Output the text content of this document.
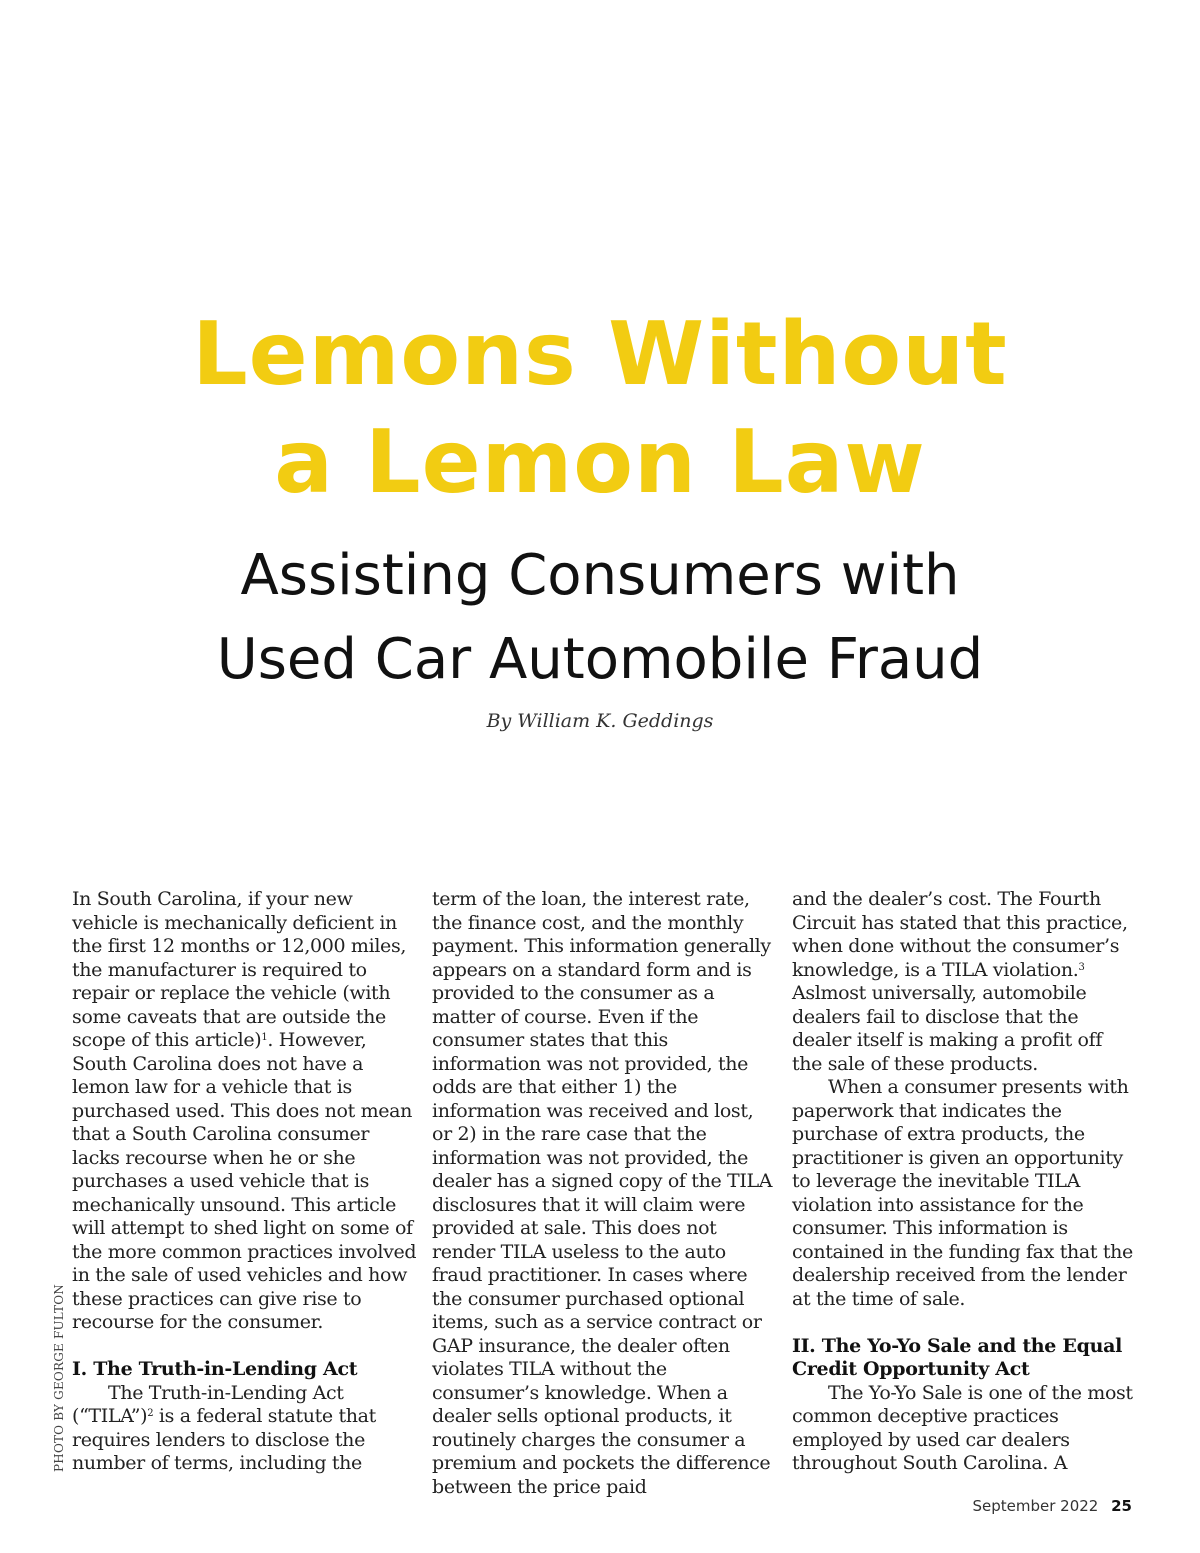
Lemons Without
a Lemon Law
Assisting Consumers with
Used Car Automobile Fraud
By William K. Geddings

In South Carolina, if your new vehicle is mechanically deficient in the first 12 months or 12,000 miles, the manufacturer is required to repair or replace the vehicle (with some caveats that are outside the scope of this article)$^1$. However, South Carolina does not have a lemon law for a vehicle that is purchased used. This does not mean that a South Carolina consumer lacks recourse when he or she purchases a used vehicle that is mechanically unsound. This article will attempt to shed light on some of the more common practices involved in the sale of used vehicles and how these practices can give rise to recourse for the consumer.

I. The Truth-in-Lending Act

The Truth-in-Lending Act (“TILA”)$^2$ is a federal statute that requires lenders to disclose the number of terms, including the

term of the loan, the interest rate, the finance cost, and the monthly payment. This information generally appears on a standard form and is provided to the consumer as a matter of course. Even if the consumer states that this information was not provided, the odds are that either 1) the information was received and lost, or 2) in the rare case that the information was not provided, the dealer has a signed copy of the TILA disclosures that it will claim were provided at sale. This does not render TILA useless to the auto fraud practitioner. In cases where the consumer purchased optional items, such as a service contract or GAP insurance, the dealer often violates TILA without the consumer’s knowledge. When a dealer sells optional products, it routinely charges the consumer a premium and pockets the difference between the price paid

and the dealer’s cost. The Fourth Circuit has stated that this practice, when done without the consumer’s knowledge, is a TILA violation.$^3$ Aslmost universally, automobile dealers fail to disclose that the dealer itself is making a profit off the sale of these products.

When a consumer presents with paperwork that indicates the purchase of extra products, the practitioner is given an opportunity to leverage the inevitable TILA violation into assistance for the consumer. This information is contained in the funding fax that the dealership received from the lender at the time of sale.

II. The Yo-Yo Sale and the Equal Credit Opportunity Act

The Yo-Yo Sale is one of the most common deceptive practices employed by used car dealers throughout South Carolina. A

PHOTO BY GEORGE FULTON
September 2022 25
